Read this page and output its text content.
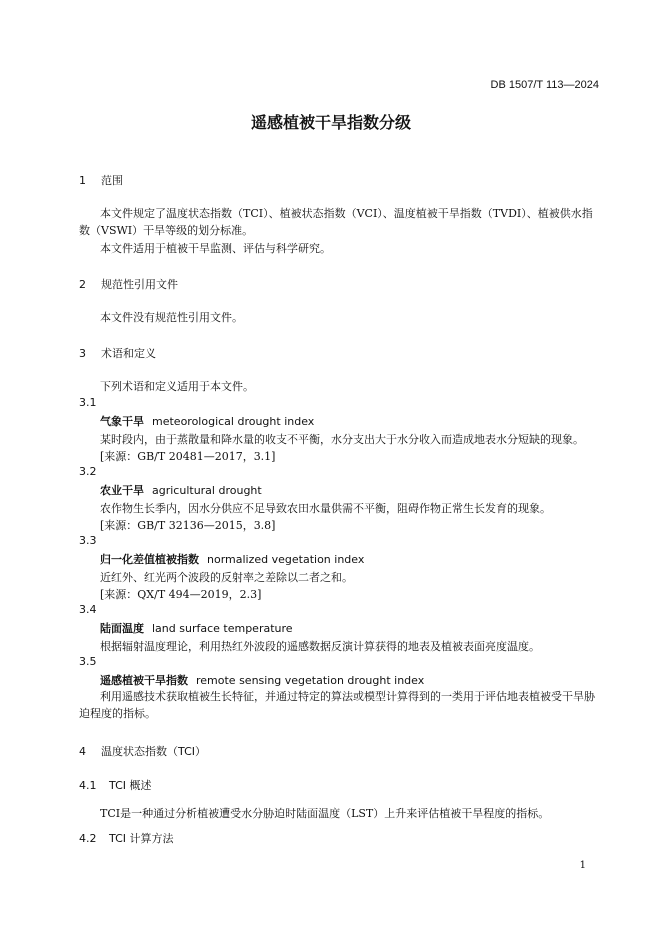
DB 1507/T 113—2024
遥感植被干旱指数分级
1 范围
本文件规定了温度状态指数（TCI）、植被状态指数（VCI）、温度植被干旱指数（TVDI）、植被供水指数（VSWI）干旱等级的划分标准。
本文件适用于植被干旱监测、评估与科学研究。
2 规范性引用文件
本文件没有规范性引用文件。
3 术语和定义
下列术语和定义适用于本文件。
3.1
气象干旱 meteorological drought index
某时段内，由于蒸散量和降水量的收支不平衡，水分支出大于水分收入而造成地表水分短缺的现象。
[来源：GB/T 20481—2017，3.1]
3.2
农业干旱 agricultural drought
农作物生长季内，因水分供应不足导致农田水量供需不平衡，阻碍作物正常生长发育的现象。
[来源：GB/T 32136—2015，3.8]
3.3
归一化差值植被指数 normalized vegetation index
近红外、红光两个波段的反射率之差除以二者之和。
[来源：QX/T 494—2019，2.3]
3.4
陆面温度 land surface temperature
根据辐射温度理论，利用热红外波段的遥感数据反演计算获得的地表及植被表面亮度温度。
3.5
遥感植被干旱指数 remote sensing vegetation drought index
利用遥感技术获取植被生长特征，并通过特定的算法或模型计算得到的一类用于评估地表植被受干旱胁迫程度的指标。
4 温度状态指数（TCI）
4.1 TCI 概述
TCI是一种通过分析植被遭受水分胁迫时陆面温度（LST）上升来评估植被干旱程度的指标。
4.2 TCI 计算方法
1
